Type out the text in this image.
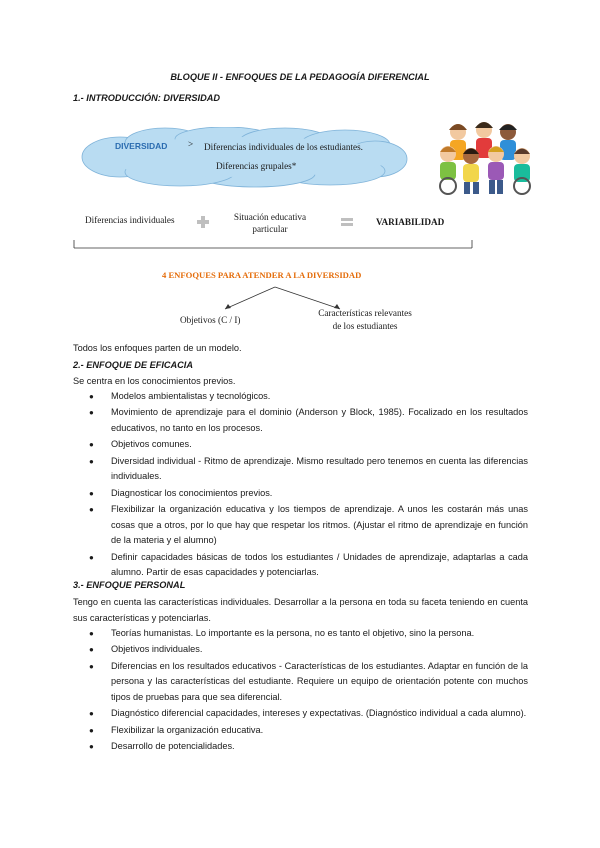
BLOQUE II - ENFOQUES DE LA PEDAGOGÍA DIFERENCIAL
1.- INTRODUCCIÓN: DIVERSIDAD
DIVERSIDAD > Diferencias individuales de los estudiantes.
Diferencias grupales*
Diferencias individuales	Situación educativa
particular
VARIABILIDAD
4 ENFOQUES PARA ATENDER A LA DIVERSIDAD
Objetivos (C / I)
Características relevantes
de los estudiantes
Todos los enfoques parten de un modelo.
2.- ENFOQUE DE EFICACIA
Se centra en los conocimientos previos.
● Modelos ambientalistas y tecnológicos.
● Movimiento de aprendizaje para el dominio (Anderson y Block, 1985). Focalizado en los resultados educativos, no tanto en los procesos.
● Objetivos comunes.
● Diversidad individual - Ritmo de aprendizaje. Mismo resultado pero tenemos en cuenta las diferencias individuales.
● Diagnosticar los conocimientos previos.
● Flexibilizar la organización educativa y los tiempos de aprendizaje. A unos les costarán más unas cosas que a otros, por lo que hay que respetar los ritmos. (Ajustar el ritmo de aprendizaje en función de la materia y el alumno)
● Definir capacidades básicas de todos los estudiantes / Unidades de aprendizaje, adaptarlas a cada alumno. Partir de esas capacidades y potenciarlas.
3.- ENFOQUE PERSONAL
Tengo en cuenta las características individuales. Desarrollar a la persona en toda su faceta teniendo en cuenta sus características y potenciarlas.
● Teorías humanistas. Lo importante es la persona, no es tanto el objetivo, sino la persona.
● Objetivos individuales.
● Diferencias en los resultados educativos - Características de los estudiantes. Adaptar en función de la persona y las características del estudiante. Requiere un equipo de orientación potente con muchos tipos de pruebas para que sea diferencial.
● Diagnóstico diferencial capacidades, intereses y expectativas. (Diagnóstico individual a cada alumno).
● Flexibilizar la organización educativa.
● Desarrollo de potencialidades.
